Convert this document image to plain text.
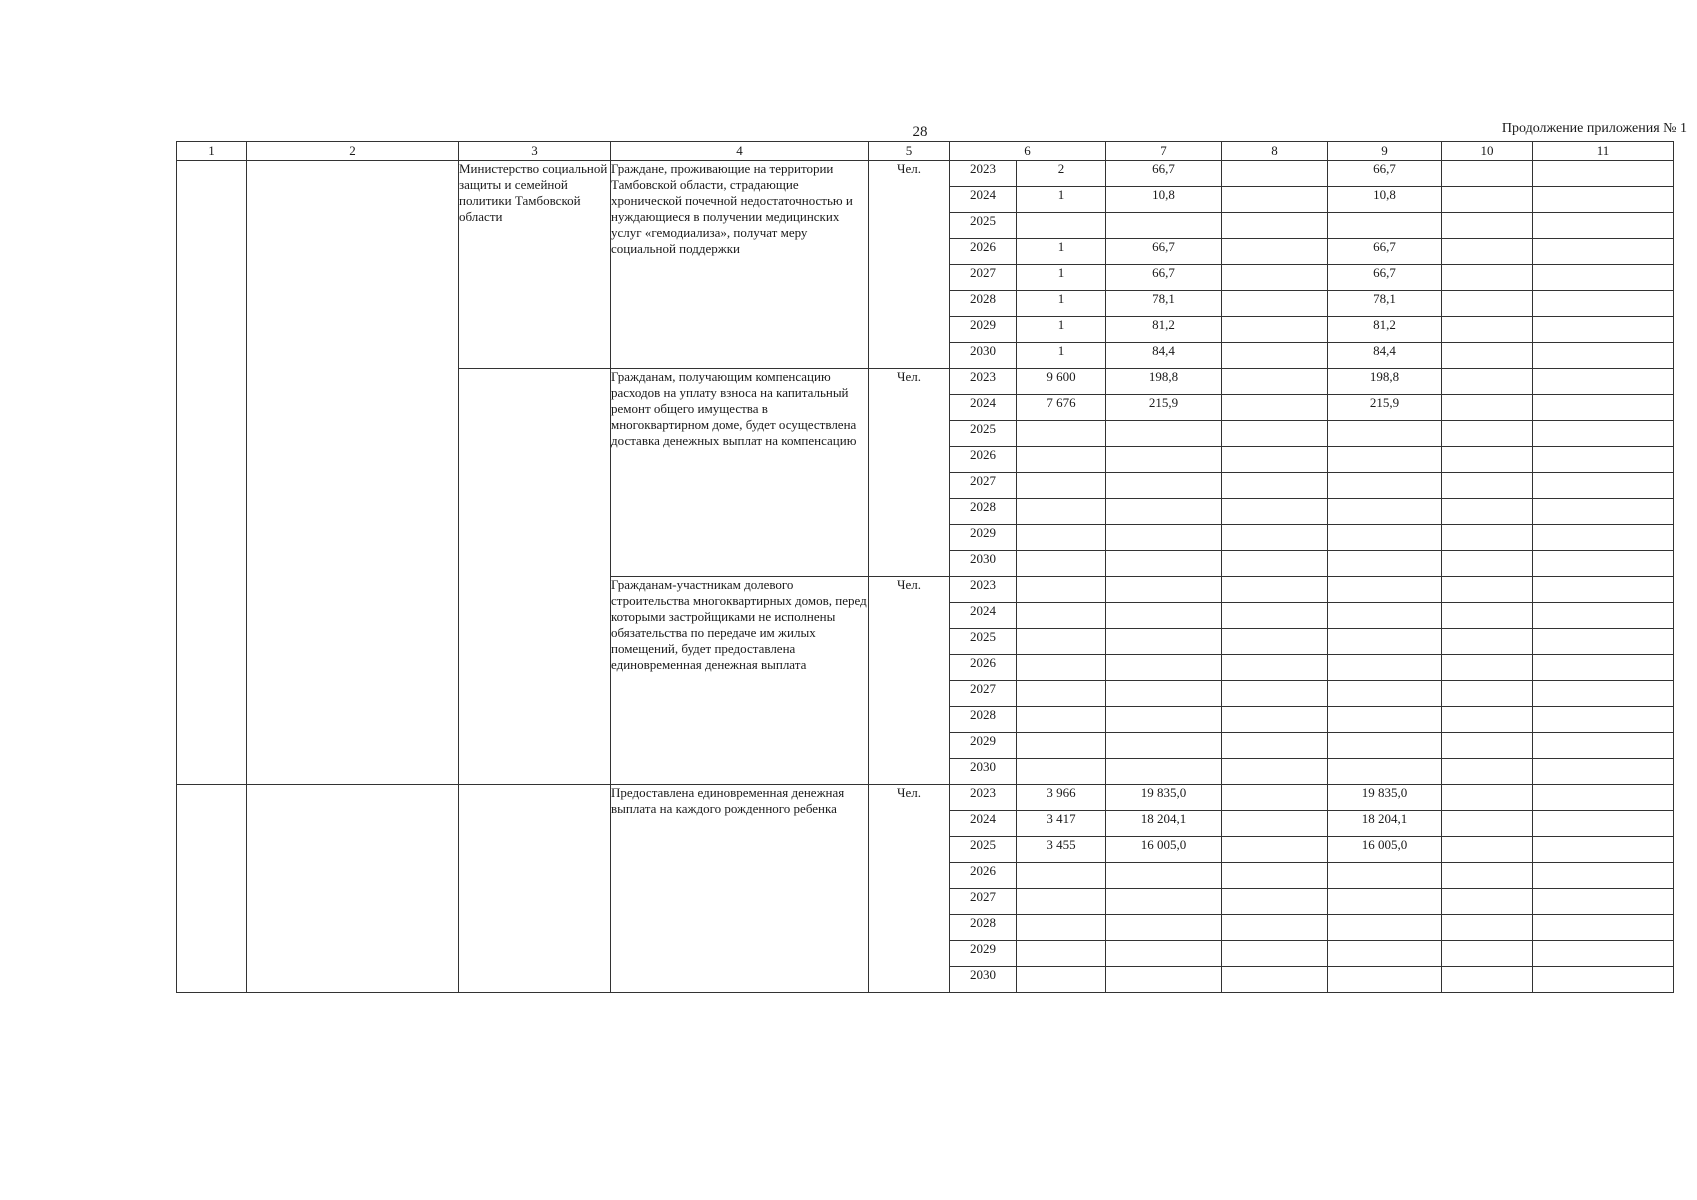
28	Продолжение приложения № 1
1	2	3	4	5	6		7	8	9	10	11
		Министерство социальной защиты и семейной политики Тамбовской области	Граждане, проживающие на территории Тамбовской области, страдающие хронической почечной недостаточностью и нуждающиеся в получении медицинских услуг «гемодиализа», получат меру социальной поддержки	Чел.	2023	2	66,7		66,7		
					2024	1	10,8		10,8		
					2025						
					2026	1	66,7		66,7		
					2027	1	66,7		66,7		
					2028	1	78,1		78,1		
					2029	1	81,2		81,2		
					2030	1	84,4		84,4		
			Гражданам, получающим компенсацию расходов на уплату взноса на капитальный ремонт общего имущества в многоквартирном доме, будет осуществлена доставка денежных выплат на компенсацию	Чел.	2023	9 600	198,8		198,8		
					2024	7 676	215,9		215,9		
					2025						
					2026						
					2027						
					2028						
					2029						
					2030						
			Гражданам-участникам долевого строительства многоквартирных домов, перед которыми застройщиками не исполнены обязательства по передаче им жилых помещений, будет предоставлена единовременная денежная выплата	Чел.	2023						
					2024						
					2025						
					2026						
					2027						
					2028						
					2029						
					2030						
			Предоставлена единовременная денежная выплата на каждого рожденного ребенка	Чел.	2023	3 966	19 835,0		19 835,0		
					2024	3 417	18 204,1		18 204,1		
					2025	3 455	16 005,0		16 005,0		
					2026						
					2027						
					2028						
					2029						
					2030						
